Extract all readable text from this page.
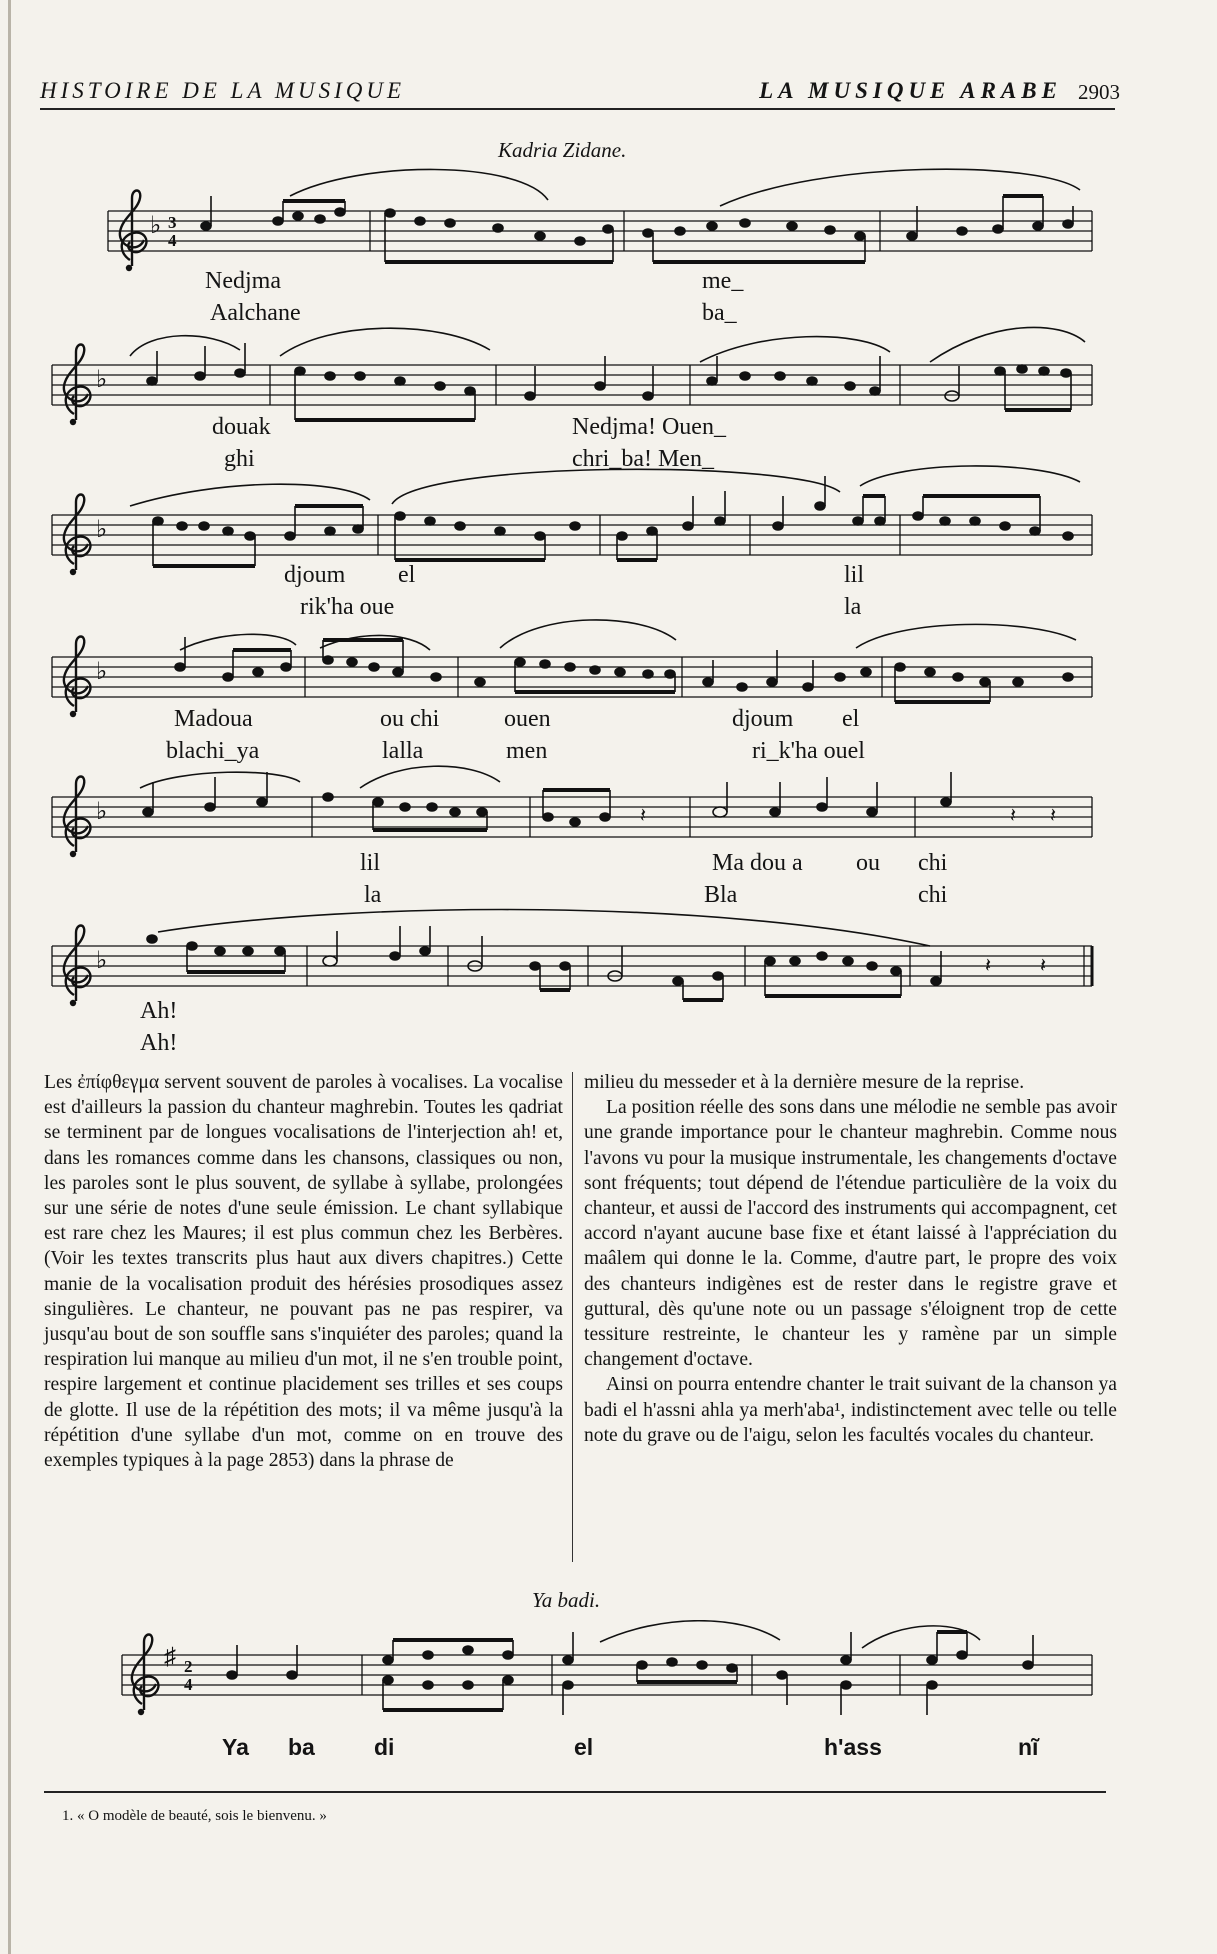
HISTOIRE DE LA MUSIQUE	LA MUSIQUE ARABE 2903
Kadria Zidane.
♭ 3
4
♭
♭
♭
♭	𝄽	𝄽 𝄽
♭	𝄽 𝄽
Nedjma	me_
Aalchane	ba_
douak	Nedjma! Ouen_
ghi	chri_ba! Men_
djoum el	lil
rik'ha oue	la
Madoua	ou chi	ouen	djoum el
blachi_ya	lalla	men	ri_k'ha ouel
lil	Ma dou a ou chi
la	Bla	chi
Ah!
Ah!

Les ἐπίφθεγμα servent souvent de paroles à vocalises. La vocalise est d'ailleurs la passion du chanteur maghrebin. Toutes les qadriat se terminent par de longues vocalisations de l'interjection ah! et, dans les romances comme dans les chansons, classiques ou non, les paroles sont le plus souvent, de syllabe à syllabe, prolongées sur une série de notes d'une seule émission. Le chant syllabique est rare chez les Maures; il est plus commun chez les Berbères. (Voir les textes transcrits plus haut aux divers chapitres.) Cette manie de la vocalisation produit des hérésies prosodiques assez singulières. Le chanteur, ne pouvant pas ne pas respirer, va jusqu'au bout de son souffle sans s'inquiéter des paroles; quand la respiration lui manque au milieu d'un mot, il ne s'en trouble point, respire largement et continue placidement ses trilles et ses coups de glotte. Il use de la répétition des mots; il va même jusqu'à la répétition d'une syllabe d'un mot, comme on en trouve des exemples typiques à la page 2853) dans la phrase de

milieu du messeder et à la dernière mesure de la reprise.

La position réelle des sons dans une mélodie ne semble pas avoir une grande importance pour le chanteur maghrebin. Comme nous l'avons vu pour la musique instrumentale, les changements d'octave sont fréquents; tout dépend de l'étendue particulière de la voix du chanteur, et aussi de l'accord des instruments qui accompagnent, cet accord n'ayant aucune base fixe et étant laissé à l'appréciation du maâlem qui donne le la. Comme, d'autre part, le propre des voix des chanteurs indigènes est de rester dans le registre grave et guttural, dès qu'une note ou un passage s'éloignent trop de cette tessiture restreinte, le chanteur les y ramène par un simple changement d'octave.

Ainsi on pourra entendre chanter le trait suivant de la chanson ya badi el h'assni ahla ya merh'aba¹, indistinctement avec telle ou telle note du grave ou de l'aigu, selon les facultés vocales du chanteur.

Ya badi.
♯ 2
4
Ya ba	di	el	h'ass	nĩ
1. « O modèle de beauté, sois le bienvenu. »
